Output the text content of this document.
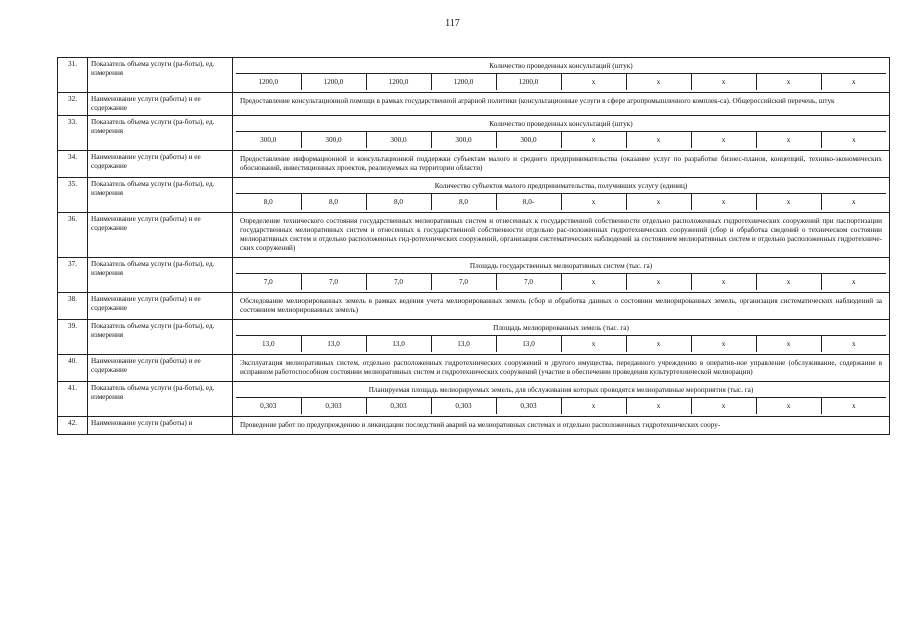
117
31.	Показатель объема услуги (ра-боты), ед. измерения	
Количество проведенных консультаций (штук)
1200,0	1200,0	1200,0	1200,0	1200,0	х	х	х	х	х

32.	Наименование услуги (работы) и ее содержание	
Предоставление консультационной помощи в рамках государственной аграрной политики (консультационные услуги в сфере агропромышленного комплек-са). Общероссийский перечень, штук

33.	Показатель объема услуги (ра-боты), ед. измерения	
Количество проведенных консультаций (штук)
300,0	300,0	300,0	300,0	300,0	х	х	х	х	х

34.	Наименование услуги (работы) и ее содержание	
Предоставление информационной и консультационной поддержки субъектам малого и среднего предпринимательства (оказание услуг по разработке бизнес-планов, концепций, технико-экономических обоснований, инвестиционных проектов, реализуемых на территории области)

35.	Показатель объема услуги (ра-боты), ед. измерения	
Количество субъектов малого предпринимательства, получивших услугу (единиц)
8,0	8,0	8,0	8,0	8,0-	х	х	х	х	х

36.	Наименование услуги (работы) и ее содержание	
Определение технического состояния государственных мелиоративных систем и отнесенных к государственной собственности отдельно расположенных гидротехнических сооружений при паспортизации государственных мелиоративных систем и отнесенных к государственной собственности отдельно рас-положенных гидротехнических сооружений (сбор и обработка сведений о техническом состоянии мелиоративных систем и отдельно расположенных гид-ротехнических сооружений, организация систематических наблюдений за состоянием мелиоративных систем и отдельно расположенных гидротехниче-ских сооружений)

37.	Показатель объема услуги (ра-боты), ед. измерения	
Площадь государственных мелиоративных систем (тыс. га)
7,0	7,0	7,0	7,0	7,0	х	х	х	х	х

38.	Наименование услуги (работы) и ее содержание	
Обследование мелиорированных земель в рамках ведения учета мелиорированных земель (сбор и обработка данных о состоянии мелиорированных земель, организация систематических наблюдений за состоянием мелиорированных земель)

39.	Показатель объема услуги (ра-боты), ед. измерения	
Площадь мелиорированных земель (тыс. га)
13,0	13,0	13,0	13,0	13,0	х	х	х	х	х

40.	Наименование услуги (работы) и ее содержание	
Эксплуатация мелиоративных систем, отдельно расположенных гидротехнических сооружений и другого имущества, переданного учреждению в оператив-ное управление (обслуживание, содержание в исправном работоспособном состоянии мелиоративных систем и гидротехнических сооружений (участие в обеспечении проведения культуртехнической мелиорации)

41.	Показатель объема услуги (ра-боты), ед. измерения	
Планируемая площадь мелиорируемых земель, для обслуживания которых проводятся мелиоративные мероприятия (тыс. га)
0,303	0,303	0,303	0,303	0,303	х	х	х	х	х

42.	Наименование услуги (работы) и	Проведение работ по предупреждению и ликвидации последствий аварий на мелиоративных системах и отдельно расположенных гидротехнических соору-
